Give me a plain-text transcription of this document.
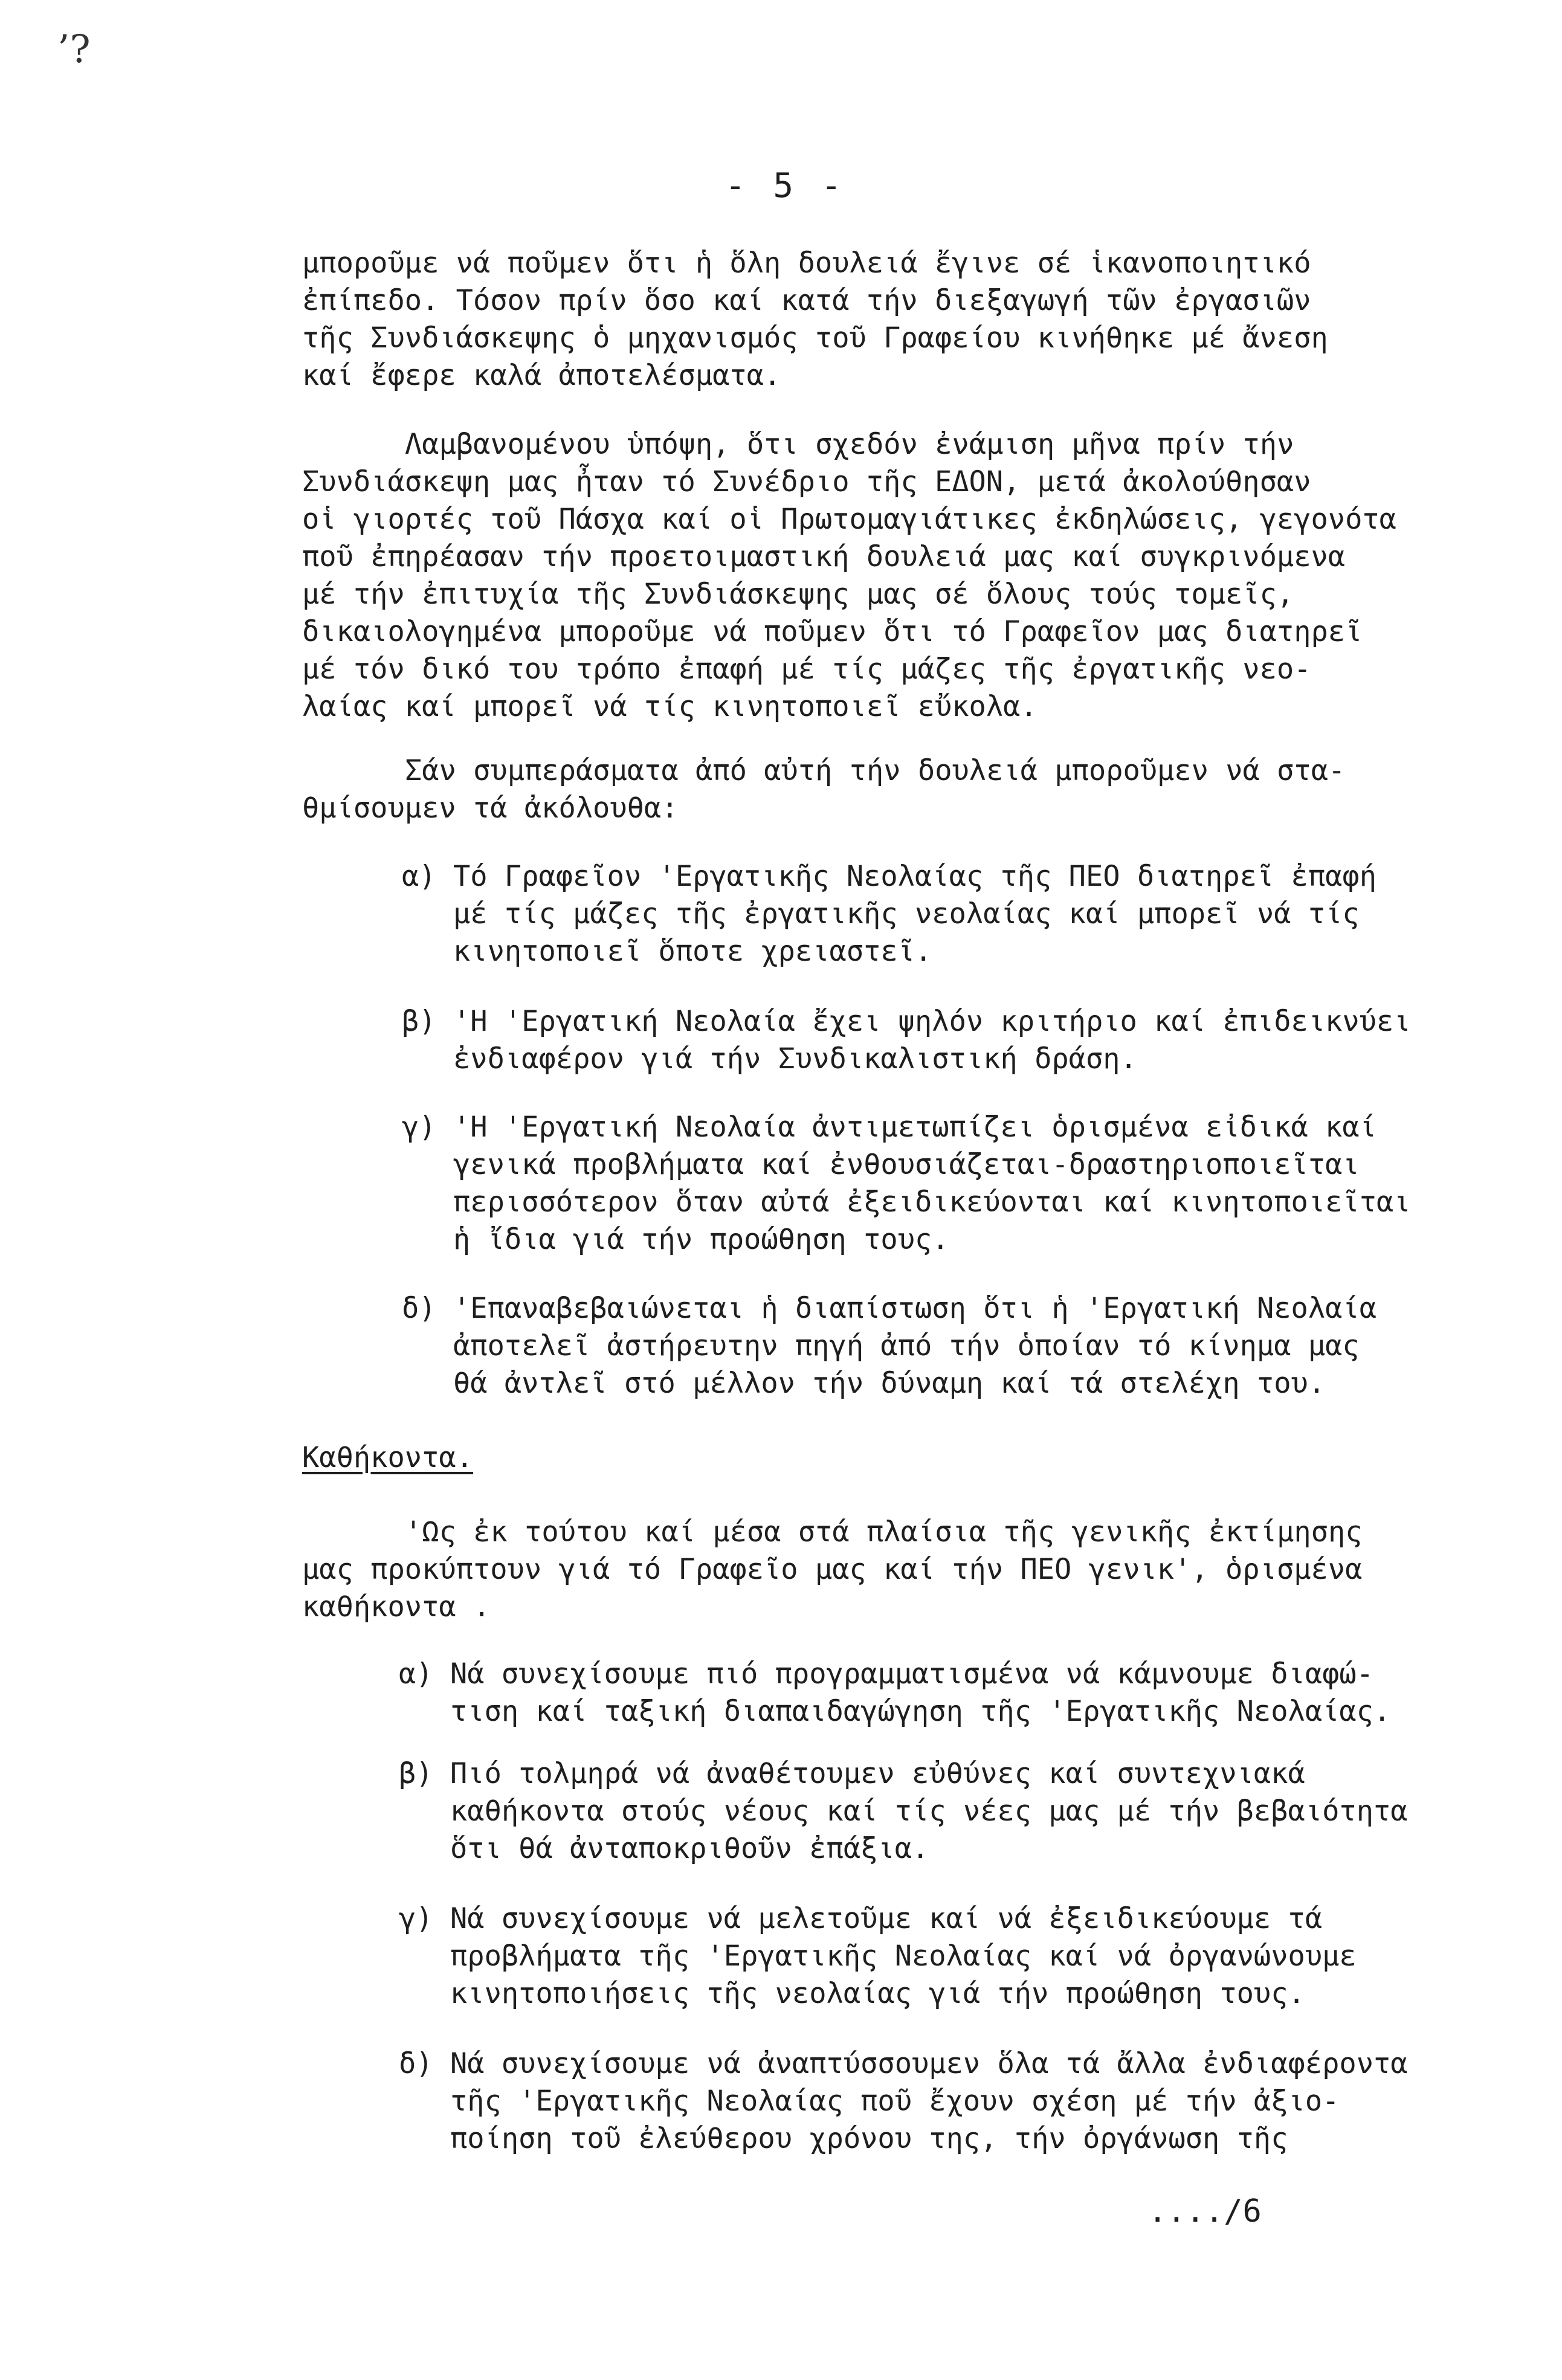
’?
- 5 -
μποροῦμε νά ποῦμεν ὅτι ἡ ὅλη δουλειά ἔγινε σέ ἱκανοποιητικό
ἐπίπεδο. Τόσον πρίν ὅσο καί κατά τήν διεξαγωγή τῶν ἐργασιῶν
τῆς Συνδιάσκεψης ὁ μηχανισμός τοῦ Γραφείου κινήθηκε μέ ἄνεση
καί ἔφερε καλά ἀποτελέσματα.
Λαμβανομένου ὑπόψη, ὅτι σχεδόν ἐνάμιση μῆνα πρίν τήν
Συνδιάσκεψη μας ἦταν τό Συνέδριο τῆς ΕΔΟΝ, μετά ἀκολούθησαν
οἱ γιορτές τοῦ Πάσχα καί οἱ Πρωτομαγιάτικες ἐκδηλώσεις, γεγονότα
ποῦ ἐπηρέασαν τήν προετοιμαστική δουλειά μας καί συγκρινόμενα
μέ τήν ἐπιτυχία τῆς Συνδιάσκεψης μας σέ ὅλους τούς τομεῖς,
δικαιολογημένα μποροῦμε νά ποῦμεν ὅτι τό Γραφεῖον μας διατηρεῖ
μέ τόν δικό του τρόπο ἐπαφή μέ τίς μάζες τῆς ἐργατικῆς νεο-
λαίας καί μπορεῖ νά τίς κινητοποιεῖ εὔκολα.
Σάν συμπεράσματα ἀπό αὐτή τήν δουλειά μποροῦμεν νά στα-
θμίσουμεν τά ἀκόλουθα:
α) Τό Γραφεῖον 'Εργατικῆς Νεολαίας τῆς ΠΕΟ διατηρεῖ ἐπαφή
μέ τίς μάζες τῆς ἐργατικῆς νεολαίας καί μπορεῖ νά τίς
κινητοποιεῖ ὅποτε χρειαστεῖ.
β) 'Η 'Εργατική Νεολαία ἔχει ψηλόν κριτήριο καί ἐπιδεικνύει
ἐνδιαφέρον γιά τήν Συνδικαλιστική δράση.
γ) 'Η 'Εργατική Νεολαία ἀντιμετωπίζει ὁρισμένα εἰδικά καί
γενικά προβλήματα καί ἐνθουσιάζεται-δραστηριοποιεῖται
περισσότερον ὅταν αὐτά ἐξειδικεύονται καί κινητοποιεῖται
ἡ ἴδια γιά τήν προώθηση τους.
δ) 'Επαναβεβαιώνεται ἡ διαπίστωση ὅτι ἡ 'Εργατική Νεολαία
ἀποτελεῖ ἀστήρευτην πηγή ἀπό τήν ὁποίαν τό κίνημα μας
θά ἀντλεῖ στό μέλλον τήν δύναμη καί τά στελέχη του.
Καθήκοντα.
'Ως ἐκ τούτου καί μέσα στά πλαίσια τῆς γενικῆς ἐκτίμησης
μας προκύπτουν γιά τό Γραφεῖο μας καί τήν ΠΕΟ γενικ', ὁρισμένα
καθήκοντα .
α) Νά συνεχίσουμε πιό προγραμματισμένα νά κάμνουμε διαφώ-
τιση καί ταξική διαπαιδαγώγηση τῆς 'Εργατικῆς Νεολαίας.
β) Πιό τολμηρά νά ἀναθέτουμεν εὐθύνες καί συντεχνιακά
καθήκοντα στούς νέους καί τίς νέες μας μέ τήν βεβαιότητα
ὅτι θά ἀνταποκριθοῦν ἐπάξια.
γ) Νά συνεχίσουμε νά μελετοῦμε καί νά ἐξειδικεύουμε τά
προβλήματα τῆς 'Εργατικῆς Νεολαίας καί νά ὀργανώνουμε
κινητοποιήσεις τῆς νεολαίας γιά τήν προώθηση τους.
δ) Νά συνεχίσουμε νά ἀναπτύσσουμεν ὅλα τά ἄλλα ἐνδιαφέροντα
τῆς 'Εργατικῆς Νεολαίας ποῦ ἔχουν σχέση μέ τήν ἀξιο-
ποίηση τοῦ ἐλεύθερου χρόνου της, τήν ὀργάνωση τῆς
..../6
